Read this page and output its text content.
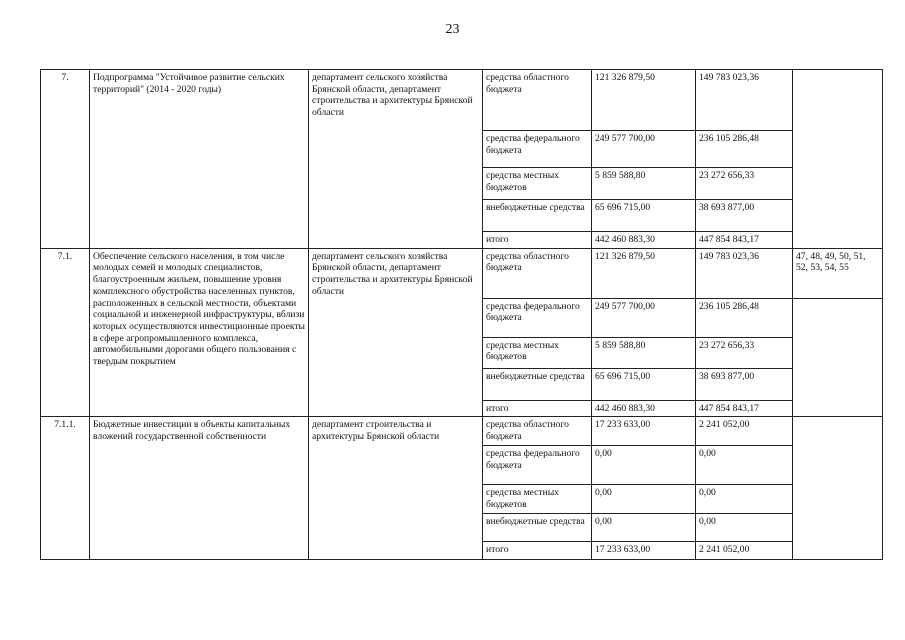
23
7.	Подпрограмма "Устойчивое развитие сельских территорий" (2014 - 2020 годы)	департамент сельского хозяйства Брянской области, департамент строительства и архитектуры Брянской области	средства областного бюджета	121 326 879,50	149 783 023,36	
			средства федерального бюджета	249 577 700,00	236 105 286,48	
			средства местных бюджетов	5 859 588,80	23 272 656,33	
			внебюджетные средства	65 696 715,00	38 693 877,00	
			итого	442 460 883,30	447 854 843,17	
7.1.	Обеспечение сельского населения, в том числе молодых семей и молодых специалистов, благоустроенным жильем, повышение уровня комплексного обустройства населенных пунктов, расположенных в сельской местности, объектами социальной и инженерной инфраструктуры, вблизи которых осуществляются инвестиционные проекты в сфере агропромышленного комплекса, автомобильными дорогами общего пользования с твердым покрытием	департамент сельского хозяйства Брянской области, департамент строительства и архитектуры Брянской области	средства областного бюджета	121 326 879,50	149 783 023,36	47, 48, 49, 50, 51, 52, 53, 54, 55
			средства федерального бюджета	249 577 700,00	236 105 286,48	
			средства местных бюджетов	5 859 588,80	23 272 656,33	
			внебюджетные средства	65 696 715,00	38 693 877,00	
			итого	442 460 883,30	447 854 843,17	
7.1.1.	Бюджетные инвестиции в объекты капитальных вложений государственной собственности	департамент строительства и архитектуры Брянской области	средства областного бюджета	17 233 633,00	2 241 052,00	
			средства федерального бюджета	0,00	0,00	
			средства местных бюджетов	0,00	0,00	
			внебюджетные средства	0,00	0,00	
			итого	17 233 633,00	2 241 052,00	
